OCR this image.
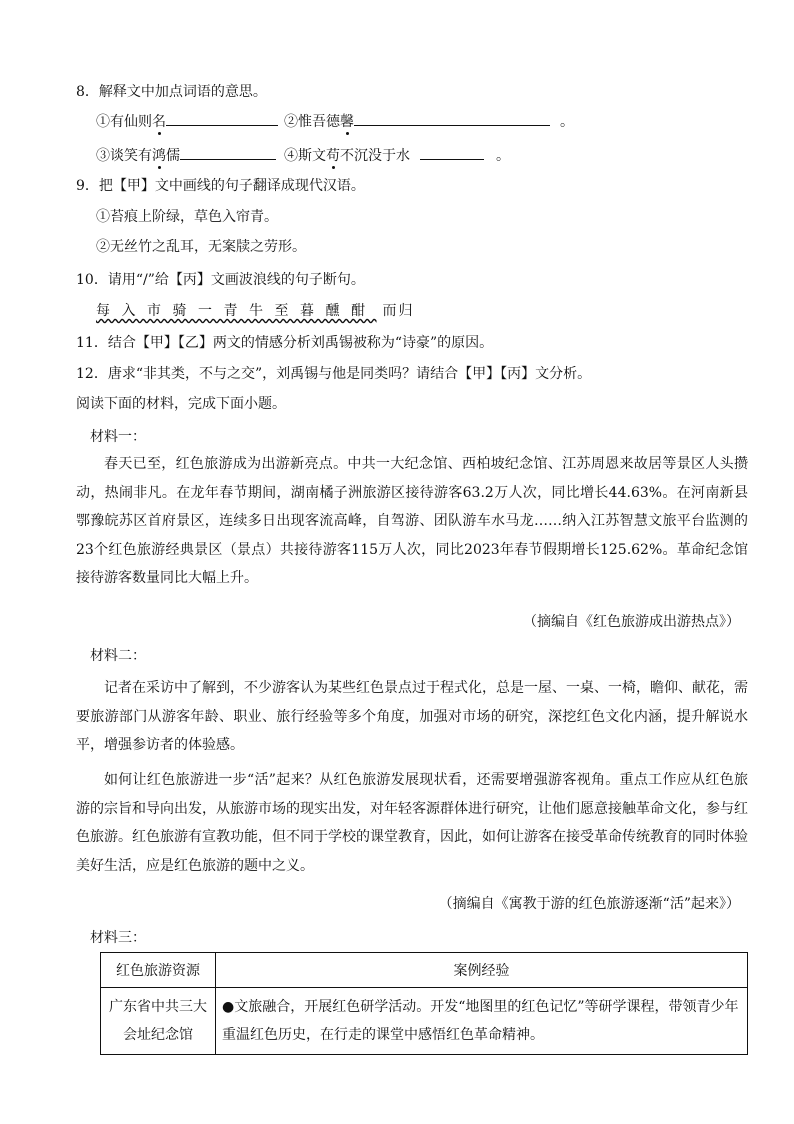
8．解释文中加点词语的意思。
①有仙则名	②惟吾德馨	。
③谈笑有鸿儒	④斯文苟不沉没于水	。
9．把【甲】文中画线的句子翻译成现代汉语。
①苔痕上阶绿，草色入帘青。
②无丝竹之乱耳，无案牍之劳形。
10．请用“/”给【丙】文画波浪线的句子断句。
每入市骑一青牛至暮醺酣 而归
11．结合【甲】【乙】两文的情感分析刘禹锡被称为“诗豪”的原因。
12．唐求“非其类，不与之交”，刘禹锡与他是同类吗？请结合【甲】【丙】文分析。
阅读下面的材料，完成下面小题。
材料一：

春天已至，红色旅游成为出游新亮点。中共一大纪念馆、西柏坡纪念馆、江苏周恩来故居等景区人头攒动，热闹非凡。在龙年春节期间，湖南橘子洲旅游区接待游客63.2万人次，同比增长44.63%。在河南新县鄂豫皖苏区首府景区，连续多日出现客流高峰，自驾游、团队游车水马龙……纳入江苏智慧文旅平台监测的23个红色旅游经典景区（景点）共接待游客115万人次，同比2023年春节假期增长125.62%。革命纪念馆接待游客数量同比大幅上升。

（摘编自《红色旅游成出游热点》）
材料二：

记者在采访中了解到，不少游客认为某些红色景点过于程式化，总是一屋、一桌、一椅，瞻仰、献花，需要旅游部门从游客年龄、职业、旅行经验等多个角度，加强对市场的研究，深挖红色文化内涵，提升解说水平，增强参访者的体验感。

如何让红色旅游进一步“活”起来？从红色旅游发展现状看，还需要增强游客视角。重点工作应从红色旅游的宗旨和导向出发，从旅游市场的现实出发，对年轻客源群体进行研究，让他们愿意接触革命文化，参与红色旅游。红色旅游有宣教功能，但不同于学校的课堂教育，因此，如何让游客在接受革命传统教育的同时体验美好生活，应是红色旅游的题中之义。

（摘编自《寓教于游的红色旅游逐渐“活”起来》）
材料三：
红色旅游资源	案例经验
广东省中共三大会址纪念馆	●文旅融合，开展红色研学活动。开发“地图里的红色记忆”等研学课程，带领青少年重温红色历史，在行走的课堂中感悟红色革命精神。
